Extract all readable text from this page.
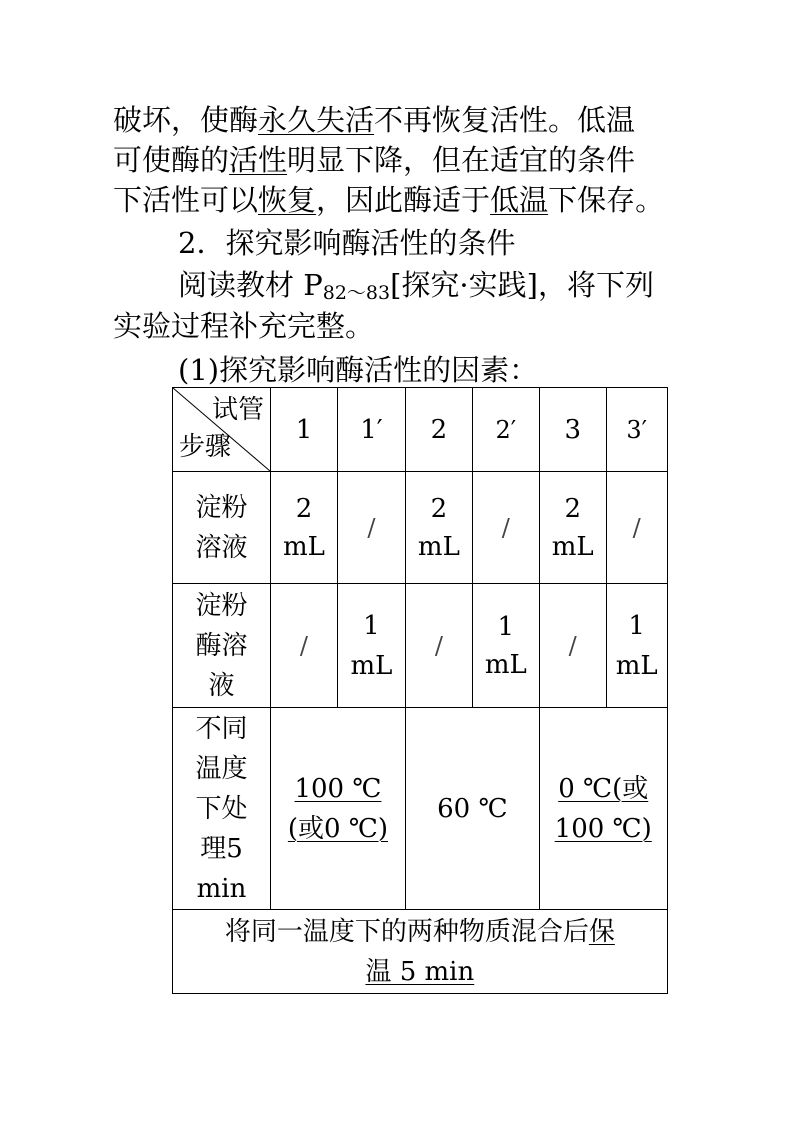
破坏，使酶永久失活不再恢复活性。低温
可使酶的活性明显下降，但在适宜的条件
下活性可以恢复，因此酶适于低温下保存。
2．探究影响酶活性的条件
阅读教材 $P_{82\sim 83}$[探究·实践]，将下列
实验过程补充完整。
(1)探究影响酶活性的因素：
试管
步骤	1	1′	2	2′	3	3′
淀粉溶液	2 mL	/	2 mL	/	2 mL	/
淀粉酶溶液	/	1 mL	/	1 mL	/	1 mL
不同温度下处理5 min	100 ℃(或0 ℃)		60 ℃		0 ℃(或100 ℃)	
将同一温度下的两种物质混合后保温 5 min						
